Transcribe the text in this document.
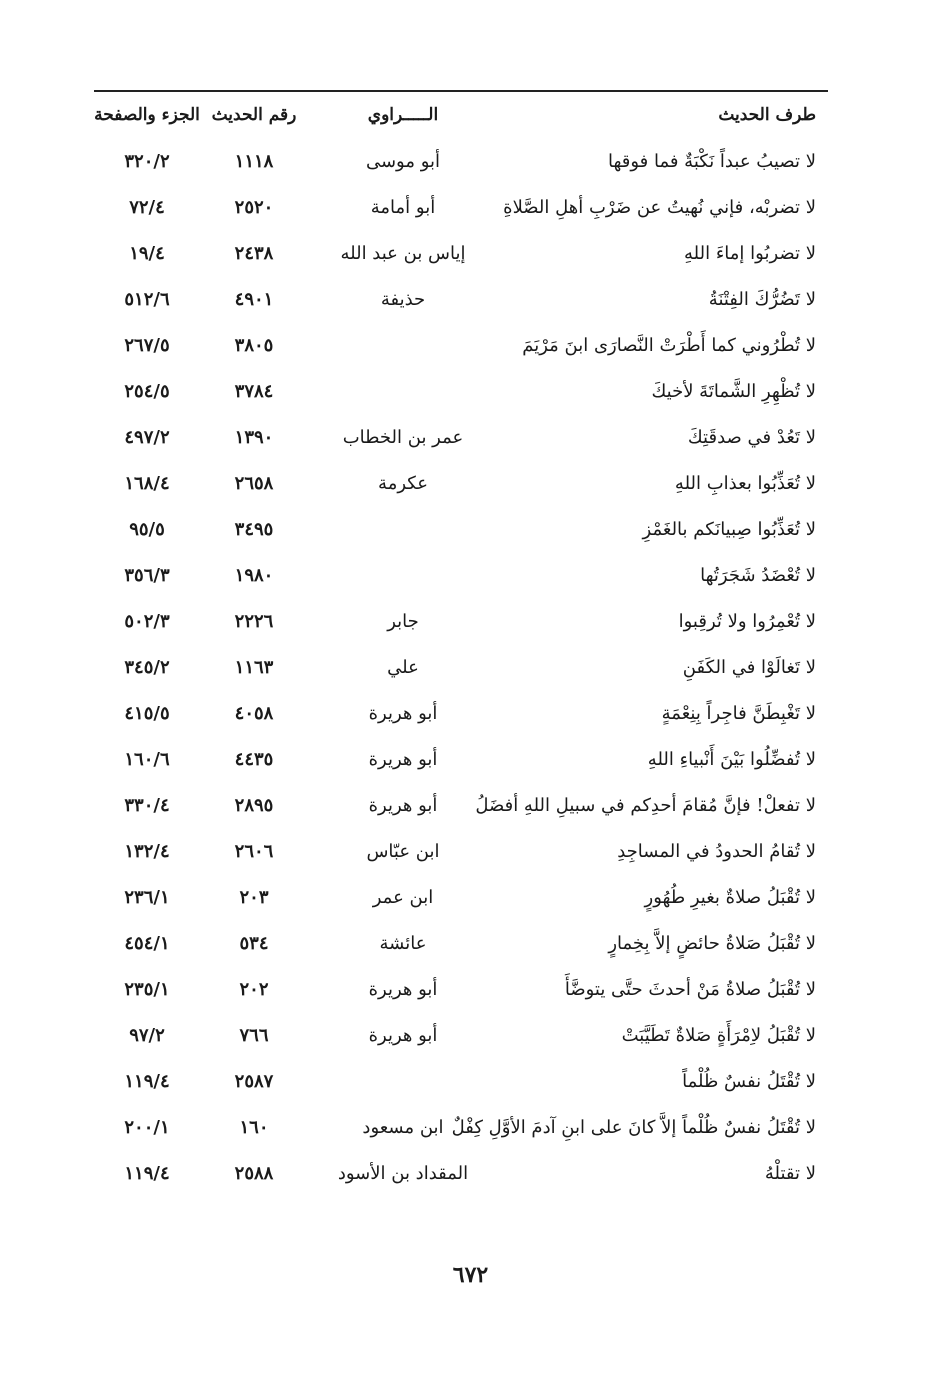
طرف الحديث
الـــــراوي
رقم الحديث
الجزء والصفحة
لا تصيبُ عبداً نَكْبَةٌ فما فوقها
أبو موسى
١١١٨
٣٢٠/٢
لا تضربْه، فإني نُهيتُ عن ضَرْبِ أهلِ الصَّلاةِ
أبو أمامة
٢٥٢٠
٧٢/٤
لا تضربُوا إماءَ اللهِ
إياس بن عبد الله
٢٤٣٨
١٩/٤
لا تَضُرُّكَ الفِتْنَةُ
حذيفة
٤٩٠١
٥١٢/٦
لا تُطْرُوني كما أَطْرَتْ النَّصارَى ابنَ مَرْيَمَ
٣٨٠٥
٢٦٧/٥
لا تُظْهِرِ الشَّماتَةَ لأخيكَ
٣٧٨٤
٢٥٤/٥
لا تَعُدْ في صدقَتِكَ
عمر بن الخطاب
١٣٩٠
٤٩٧/٢
لا تُعَذِّبُوا بعذابِ اللهِ
عكرمة
٢٦٥٨
١٦٨/٤
لا تُعَذِّبُوا صِبيانَكم بالغَمْزِ
٣٤٩٥
٩٥/٥
لا تُعْضَدُ شَجَرَتُها
١٩٨٠
٣٥٦/٣
لا تُعْمِرُوا ولا تُرقِبوا
جابر
٢٢٢٦
٥٠٢/٣
لا تَغالَوْا في الكَفَنِ
علي
١١٦٣
٣٤٥/٢
لا تَغْبِطَنَّ فاجِراً بِنِعْمَةٍ
أبو هريرة
٤٠٥٨
٤١٥/٥
لا تُفضِّلُوا بَيْنَ أَنْبياءِ اللهِ
أبو هريرة
٤٤٣٥
١٦٠/٦
لا تفعلْ! فإنَّ مُقامَ أحدِكم في سبيلِ اللهِ أفضَلُ
أبو هريرة
٢٨٩٥
٣٣٠/٤
لا تُقامُ الحدودُ في المساجِدِ
ابن عبّاس
٢٦٠٦
١٣٢/٤
لا تُقْبَلُ صلاةٌ بغيرِ طُهُورٍ
ابن عمر
٢٠٣
٢٣٦/١
لا تُقْبَلُ صَلاةُ حائضٍ إلاَّ بِخِمارٍ
عائشة
٥٣٤
٤٥٤/١
لا تُقْبَلُ صلاةُ مَنْ أحدثَ حتَّى يتوضَّأَ
أبو هريرة
٢٠٢
٢٣٥/١
لا تُقْبَلُ لاِمْرَأَةٍ صَلاةٌ تَطَيَّبَتْ
أبو هريرة
٧٦٦
٩٧/٢
لا تُقْتَلُ نفسٌ ظُلْماً
٢٥٨٧
١١٩/٤
لا تُقْتَلُ نفسٌ ظُلْماً إلاَّ كانَ على ابنِ آدمَ الأوَّلِ كِفْلٌ
ابن مسعود
١٦٠
٢٠٠/١
لا تقتلْهُ
المقداد بن الأسود
٢٥٨٨
١١٩/٤
٦٧٢
